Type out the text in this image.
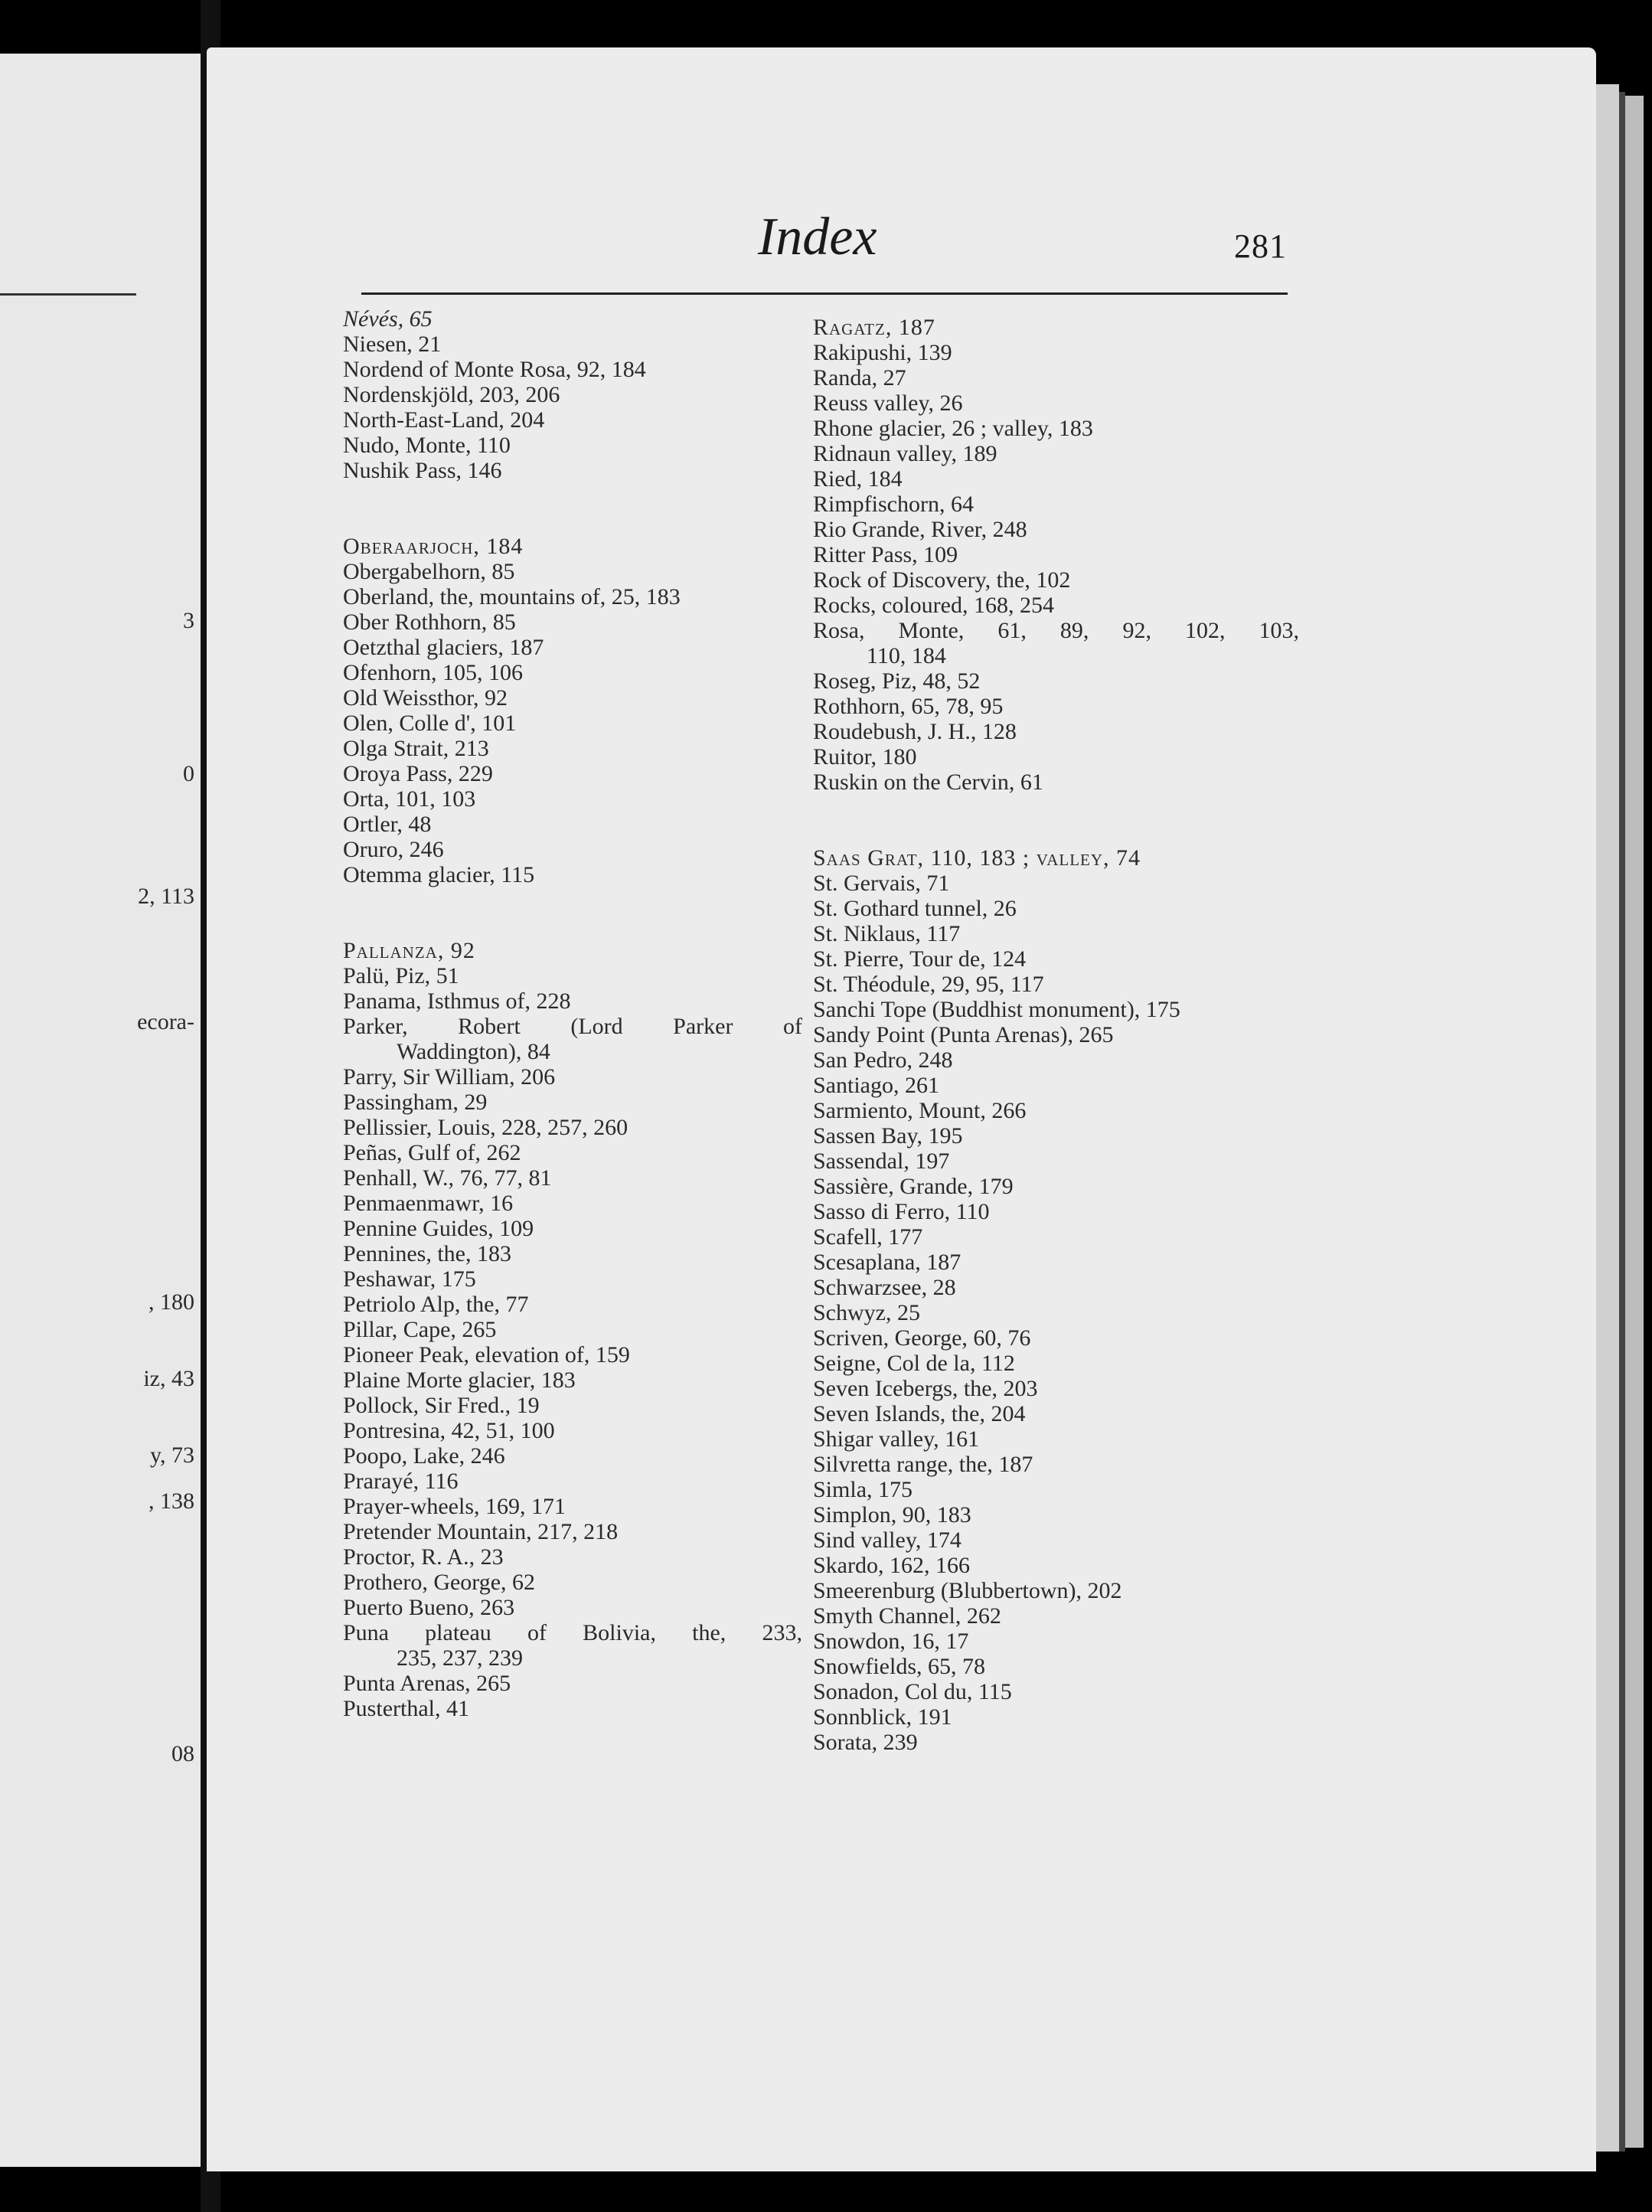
3
0
2, 113
ecora-
, 180
iz, 43
y, 73
, 138
08
Index	281
Névés, 65
Niesen, 21
Nordend of Monte Rosa, 92, 184
Nordenskjöld, 203, 206
North-East-Land, 204
Nudo, Monte, 110
Nushik Pass, 146
Oberaarjoch, 184
Obergabelhorn, 85
Oberland, the, mountains of, 25, 183
Ober Rothhorn, 85
Oetzthal glaciers, 187
Ofenhorn, 105, 106
Old Weissthor, 92
Olen, Colle d', 101
Olga Strait, 213
Oroya Pass, 229
Orta, 101, 103
Ortler, 48
Oruro, 246
Otemma glacier, 115
Pallanza, 92
Palü, Piz, 51
Panama, Isthmus of, 228
Parker, Robert (Lord Parker of
Waddington), 84
Parry, Sir William, 206
Passingham, 29
Pellissier, Louis, 228, 257, 260
Peñas, Gulf of, 262
Penhall, W., 76, 77, 81
Penmaenmawr, 16
Pennine Guides, 109
Pennines, the, 183
Peshawar, 175
Petriolo Alp, the, 77
Pillar, Cape, 265
Pioneer Peak, elevation of, 159
Plaine Morte glacier, 183
Pollock, Sir Fred., 19
Pontresina, 42, 51, 100
Poopo, Lake, 246
Prarayé, 116
Prayer-wheels, 169, 171
Pretender Mountain, 217, 218
Proctor, R. A., 23
Prothero, George, 62
Puerto Bueno, 263
Puna plateau of Bolivia, the, 233,
235, 237, 239
Punta Arenas, 265
Pusterthal, 41
Ragatz, 187
Rakipushi, 139
Randa, 27
Reuss valley, 26
Rhone glacier, 26 ; valley, 183
Ridnaun valley, 189
Ried, 184
Rimpfischorn, 64
Rio Grande, River, 248
Ritter Pass, 109
Rock of Discovery, the, 102
Rocks, coloured, 168, 254
Rosa, Monte, 61, 89, 92, 102, 103,
110, 184
Roseg, Piz, 48, 52
Rothhorn, 65, 78, 95
Roudebush, J. H., 128
Ruitor, 180
Ruskin on the Cervin, 61
Saas Grat, 110, 183 ; valley, 74
St. Gervais, 71
St. Gothard tunnel, 26
St. Niklaus, 117
St. Pierre, Tour de, 124
St. Théodule, 29, 95, 117
Sanchi Tope (Buddhist monument), 175
Sandy Point (Punta Arenas), 265
San Pedro, 248
Santiago, 261
Sarmiento, Mount, 266
Sassen Bay, 195
Sassendal, 197
Sassière, Grande, 179
Sasso di Ferro, 110
Scafell, 177
Scesaplana, 187
Schwarzsee, 28
Schwyz, 25
Scriven, George, 60, 76
Seigne, Col de la, 112
Seven Icebergs, the, 203
Seven Islands, the, 204
Shigar valley, 161
Silvretta range, the, 187
Simla, 175
Simplon, 90, 183
Sind valley, 174
Skardo, 162, 166
Smeerenburg (Blubbertown), 202
Smyth Channel, 262
Snowdon, 16, 17
Snowfields, 65, 78
Sonadon, Col du, 115
Sonnblick, 191
Sorata, 239
